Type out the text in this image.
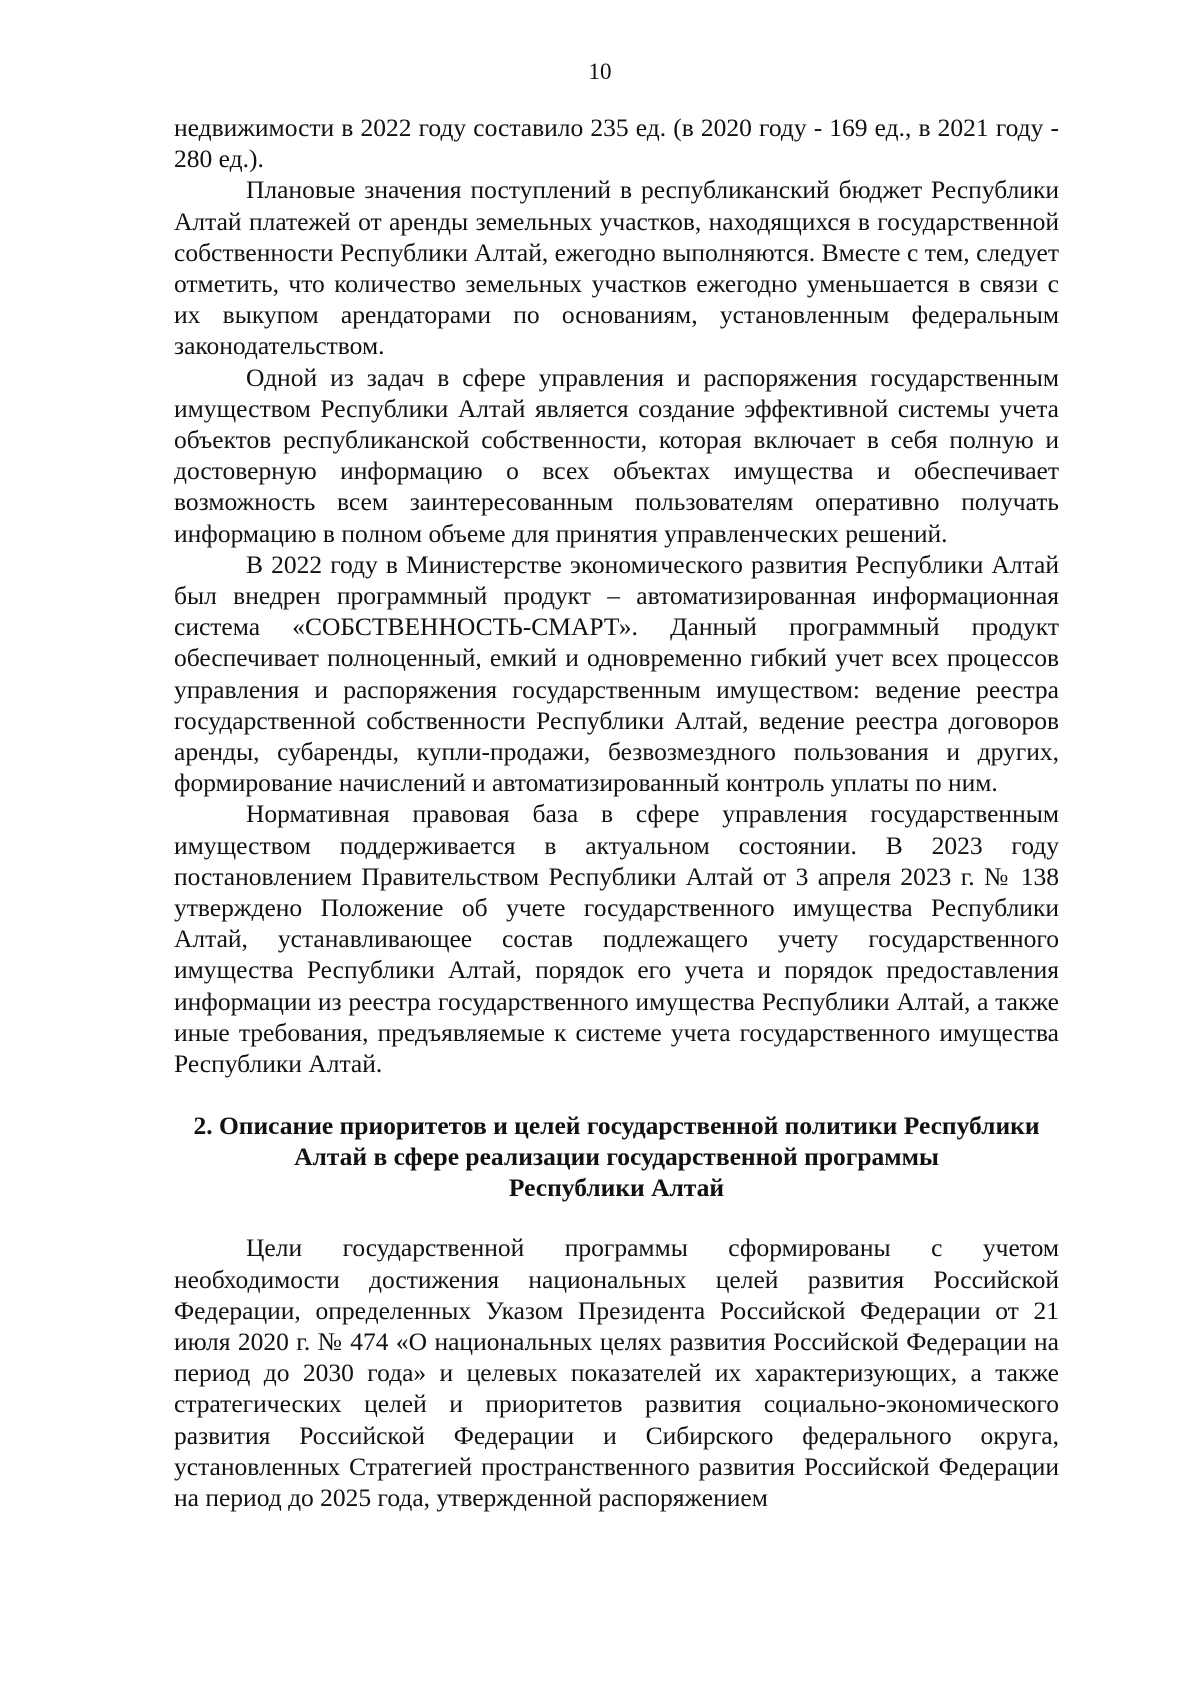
10

недвижимости в 2022 году составило 235 ед. (в 2020 году - 169 ед., в 2021 году - 280 ед.).

Плановые значения поступлений в республиканский бюджет Республики Алтай платежей от аренды земельных участков, находящихся в государственной собственности Республики Алтай, ежегодно выполняются. Вместе с тем, следует отметить, что количество земельных участков ежегодно уменьшается в связи с их выкупом арендаторами по основаниям, установленным федеральным законодательством.

Одной из задач в сфере управления и распоряжения государственным имуществом Республики Алтай является создание эффективной системы учета объектов республиканской собственности, которая включает в себя полную и достоверную информацию о всех объектах имущества и обеспечивает возможность всем заинтересованным пользователям оперативно получать информацию в полном объеме для принятия управленческих решений.

В 2022 году в Министерстве экономического развития Республики Алтай был внедрен программный продукт – автоматизированная информационная система «СОБСТВЕННОСТЬ-СМАРТ». Данный программный продукт обеспечивает полноценный, емкий и одновременно гибкий учет всех процессов управления и распоряжения государственным имуществом: ведение реестра государственной собственности Республики Алтай, ведение реестра договоров аренды, субаренды, купли-продажи, безвозмездного пользования и других, формирование начислений и автоматизированный контроль уплаты по ним.

Нормативная правовая база в сфере управления государственным имуществом поддерживается в актуальном состоянии. В 2023 году постановлением Правительством Республики Алтай от 3 апреля 2023 г. № 138 утверждено Положение об учете государственного имущества Республики Алтай, устанавливающее состав подлежащего учету государственного имущества Республики Алтай, порядок его учета и порядок предоставления информации из реестра государственного имущества Республики Алтай, а также иные требования, предъявляемые к системе учета государственного имущества Республики Алтай.

2. Описание приоритетов и целей государственной политики Республики
Алтай в сфере реализации государственной программы
Республики Алтай

Цели государственной программы сформированы с учетом необходимости достижения национальных целей развития Российской Федерации, определенных Указом Президента Российской Федерации от 21 июля 2020 г. № 474 «О национальных целях развития Российской Федерации на период до 2030 года» и целевых показателей их характеризующих, а также стратегических целей и приоритетов развития социально-экономического развития Российской Федерации и Сибирского федерального округа, установленных Стратегией пространственного развития Российской Федерации на период до 2025 года, утвержденной распоряжением
